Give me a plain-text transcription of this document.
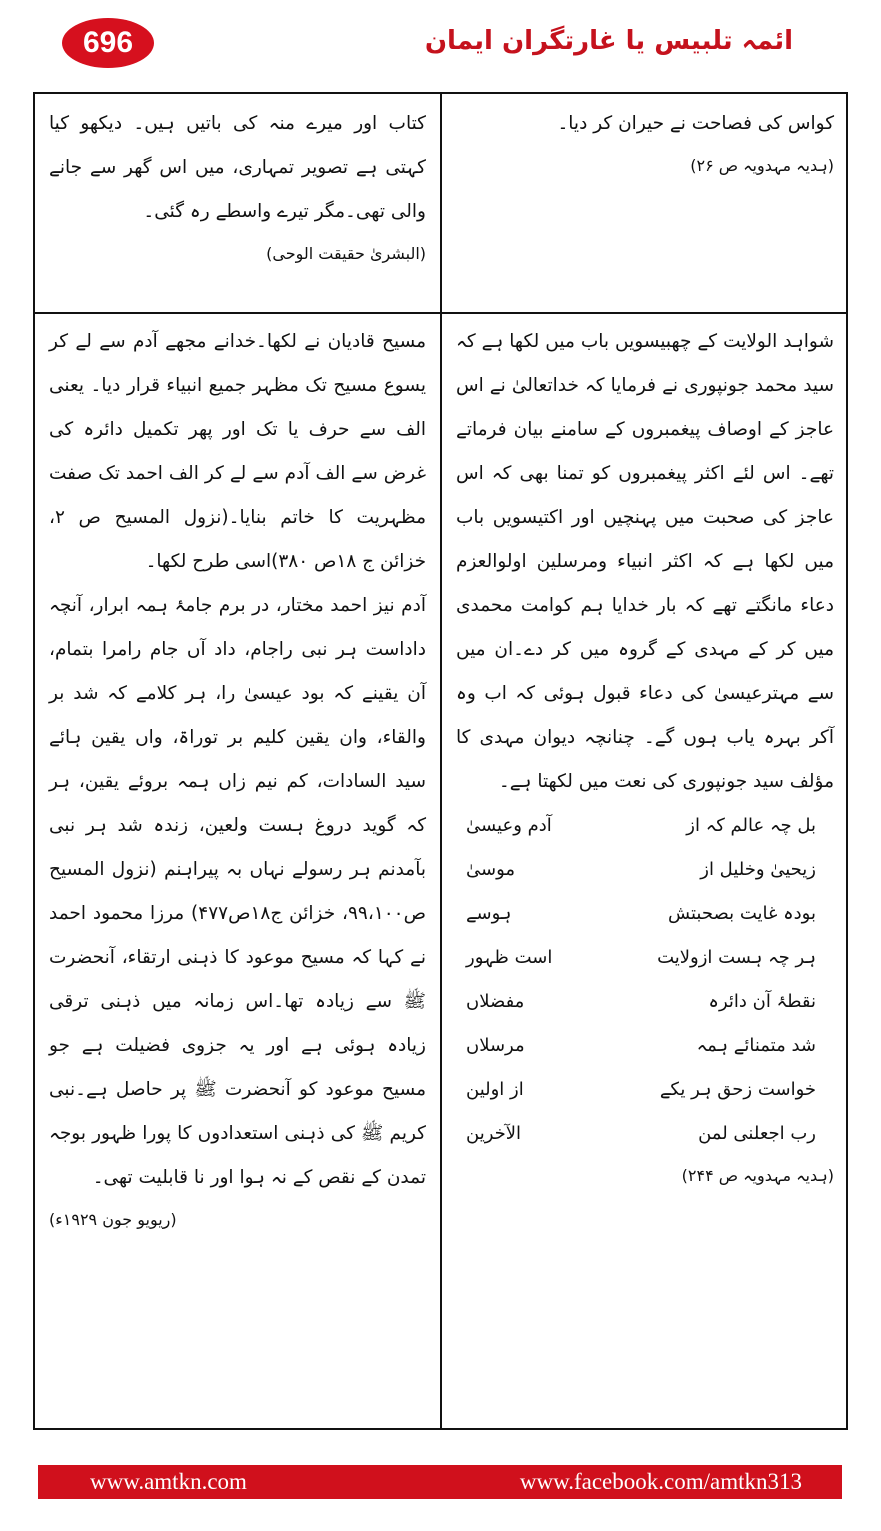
696	ائمہ تلبیس یا غارتگران ایمان

کواس کی فصاحت نے حیران کر دیا۔

(ہدیہ مہدویہ ص ۲۶)

کتاب اور میرے منہ کی باتیں ہیں۔ دیکھو کیا کہتی ہے تصویر تمہاری، میں اس گھر سے جانے والی تھی۔مگر تیرے واسطے رہ گئی۔

(البشریٰ حقیقت الوحی)

شواہد الولایت کے چھبیسویں باب میں لکھا ہے کہ سید محمد جونپوری نے فرمایا کہ خداتعالیٰ نے اس عاجز کے اوصاف پیغمبروں کے سامنے بیان فرماتے تھے۔ اس لئے اکثر پیغمبروں کو تمنا بھی کہ اس عاجز کی صحبت میں پہنچیں اور اکتیسویں باب میں لکھا ہے کہ اکثر انبیاء ومرسلین اولوالعزم دعاء مانگتے تھے کہ بار خدایا ہم کوامت محمدی میں کر کے مہدی کے گروہ میں کر دے۔ان میں سے مہترعیسیٰ کی دعاء قبول ہوئی کہ اب وہ آکر بہرہ یاب ہوں گے۔ چنانچہ دیوان مہدی کا مؤلف سید جونپوری کی نعت میں لکھتا ہے۔

بل چہ عالم کہ از
آدم وعیسیٰ
زیحییٰ وخلیل از
موسیٰ
بودہ غایت بصحبتش
ہوسے
ہر چہ ہست ازولایت
است ظہور
نقطۂ آن دائرہ
مفضلاں
شد متمنائے ہمہ
مرسلاں
خواست زحق ہر یکے
از اولین
رب اجعلنی لمن
الآخرین

(ہدیہ مہدویہ ص ۲۴۴)

مسیح قادیان نے لکھا۔خدانے مجھے آدم سے لے کر یسوع مسیح تک مظہر جمیع انبیاء قرار دیا۔ یعنی الف سے حرف یا تک اور پھر تکمیل دائرہ کی غرض سے الف آدم سے لے کر الف احمد تک صفت مظہریت کا خاتم بنایا۔(نزول المسیح ص ۲، خزائن ج ۱۸ص ۳۸۰)اسی طرح لکھا۔

آدم نیز احمد مختار، در برم جامۂ ہمہ ابرار، آنچہ داداست ہر نبی راجام، داد آں جام رامرا بتمام، آن یقینے کہ بود عیسیٰ را، ہر کلامے کہ شد بر والقاء، وان یقین کلیم بر توراۃ، واں یقین ہائے سید السادات، کم نیم زاں ہمہ بروئے یقین، ہر کہ گوید دروغ ہست ولعین، زندہ شد ہر نبی بآمدنم ہر رسولے نہاں بہ پیراہنم (نزول المسیح ص۹۹،۱۰۰، خزائن ج۱۸ص۴۷۷) مرزا محمود احمد نے کہا کہ مسیح موعود کا ذہنی ارتقاء، آنحضرت ﷺ سے زیادہ تھا۔اس زمانہ میں ذہنی ترقی زیادہ ہوئی ہے اور یہ جزوی فضیلت ہے جو مسیح موعود کو آنحضرت ﷺ پر حاصل ہے۔نبی کریم ﷺ کی ذہنی استعدادوں کا پورا ظہور بوجہ تمدن کے نقص کے نہ ہوا اور نا قابلیت تھی۔

(ریویو جون ۱۹۲۹ء)

www.amtkn.com	www.facebook.com/amtkn313
